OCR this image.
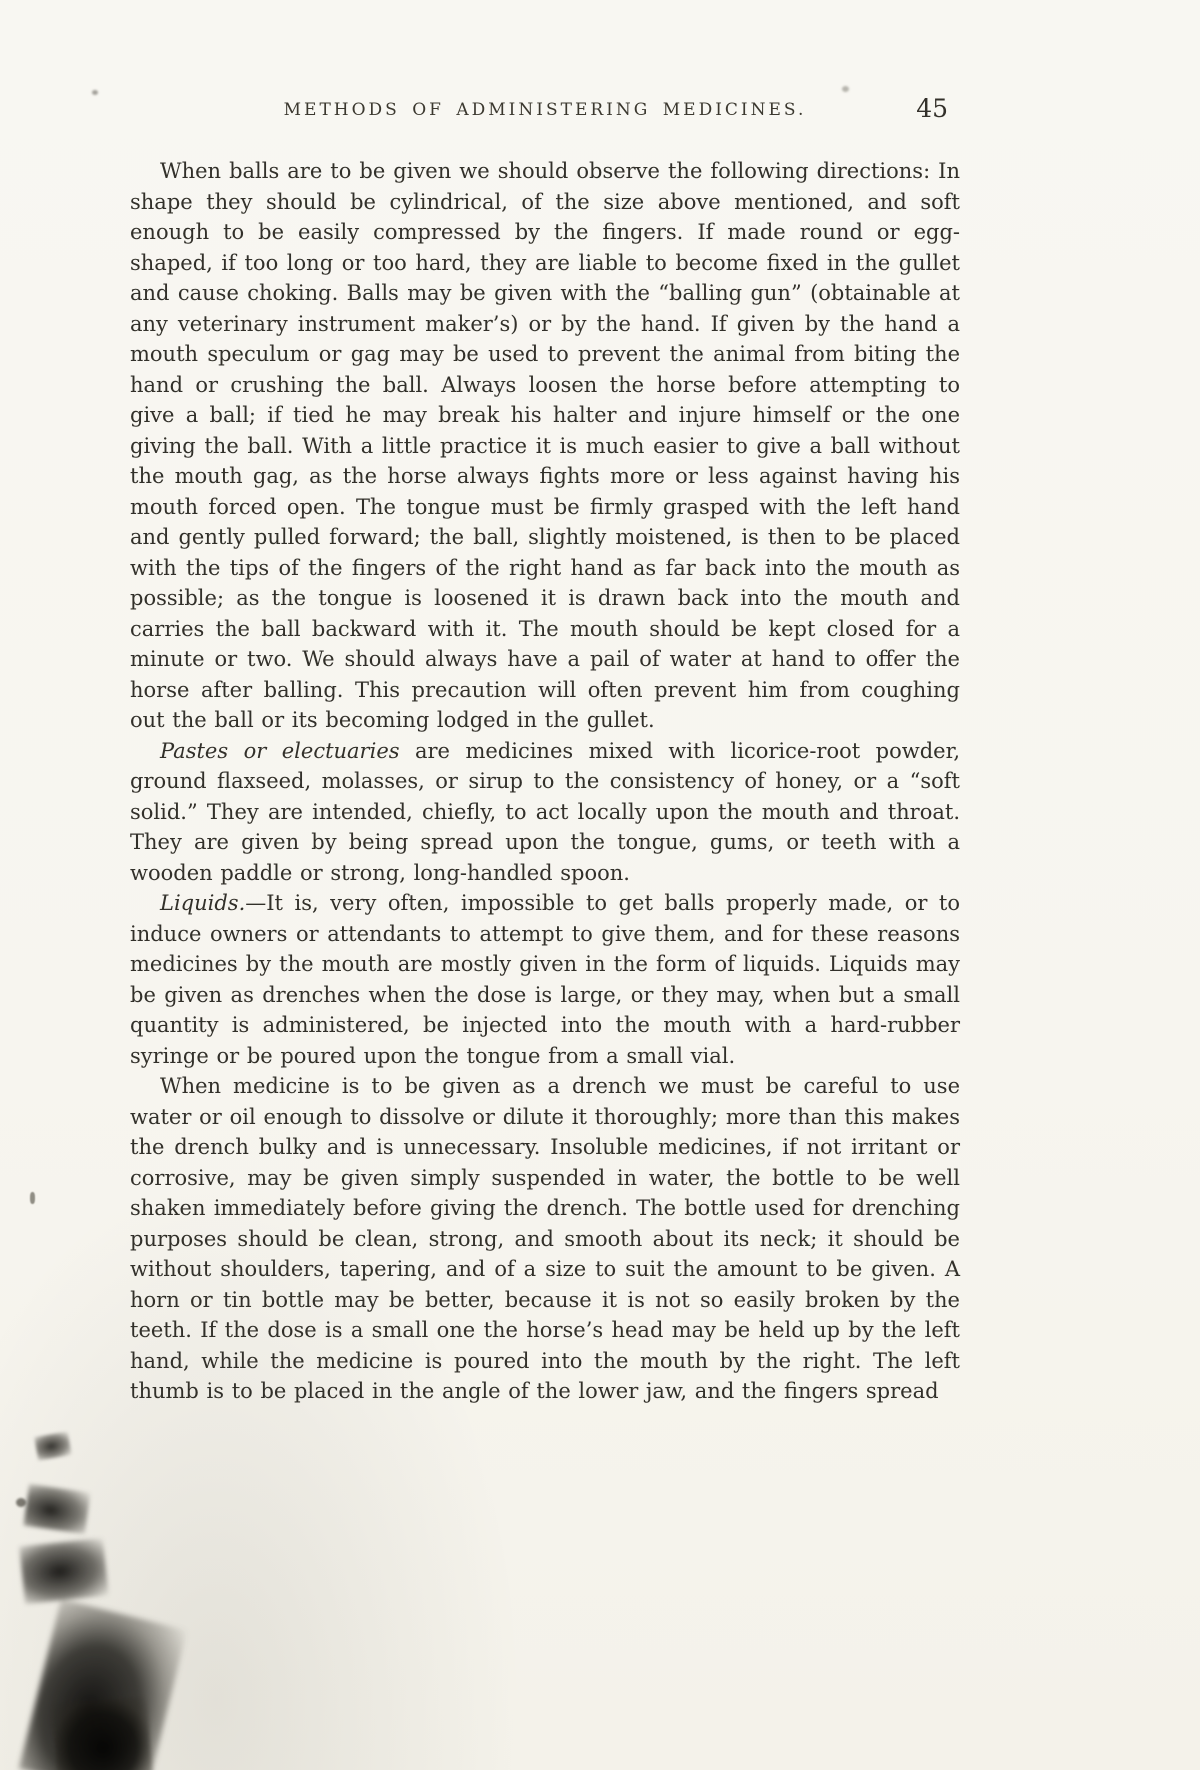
METHODS OF ADMINISTERING MEDICINES.	45

When balls are to be given we should observe the following directions: In shape they should be cylindrical, of the size above mentioned, and soft enough to be easily compressed by the fingers. If made round or egg-shaped, if too long or too hard, they are liable to become fixed in the gullet and cause choking. Balls may be given with the “balling gun” (obtainable at any veterinary instrument maker’s) or by the hand. If given by the hand a mouth speculum or gag may be used to prevent the animal from biting the hand or crushing the ball. Always loosen the horse before attempting to give a ball; if tied he may break his halter and injure himself or the one giving the ball. With a little practice it is much easier to give a ball without the mouth gag, as the horse always fights more or less against having his mouth forced open. The tongue must be firmly grasped with the left hand and gently pulled forward; the ball, slightly moistened, is then to be placed with the tips of the fingers of the right hand as far back into the mouth as possible; as the tongue is loosened it is drawn back into the mouth and carries the ball backward with it. The mouth should be kept closed for a minute or two. We should always have a pail of water at hand to offer the horse after balling. This precaution will often prevent him from coughing out the ball or its becoming lodged in the gullet.

Pastes or electuaries are medicines mixed with licorice-root powder, ground flaxseed, molasses, or sirup to the consistency of honey, or a “soft solid.” They are intended, chiefly, to act locally upon the mouth and throat. They are given by being spread upon the tongue, gums, or teeth with a wooden paddle or strong, long-handled spoon.

Liquids.—It is, very often, impossible to get balls properly made, or to induce owners or attendants to attempt to give them, and for these reasons medicines by the mouth are mostly given in the form of liquids. Liquids may be given as drenches when the dose is large, or they may, when but a small quantity is administered, be injected into the mouth with a hard-rubber syringe or be poured upon the tongue from a small vial.

When medicine is to be given as a drench we must be careful to use water or oil enough to dissolve or dilute it thoroughly; more than this makes the drench bulky and is unnecessary. Insoluble medicines, if not irritant or corrosive, may be given simply suspended in water, the bottle to be well shaken immediately before giving the drench. The bottle used for drenching purposes should be clean, strong, and smooth about its neck; it should be without shoulders, tapering, and of a size to suit the amount to be given. A horn or tin bottle may be better, because it is not so easily broken by the teeth. If the dose is a small one the horse’s head may be held up by the left hand, while the medicine is poured into the mouth by the right. The left thumb is to be placed in the angle of the lower jaw, and the fingers spread
